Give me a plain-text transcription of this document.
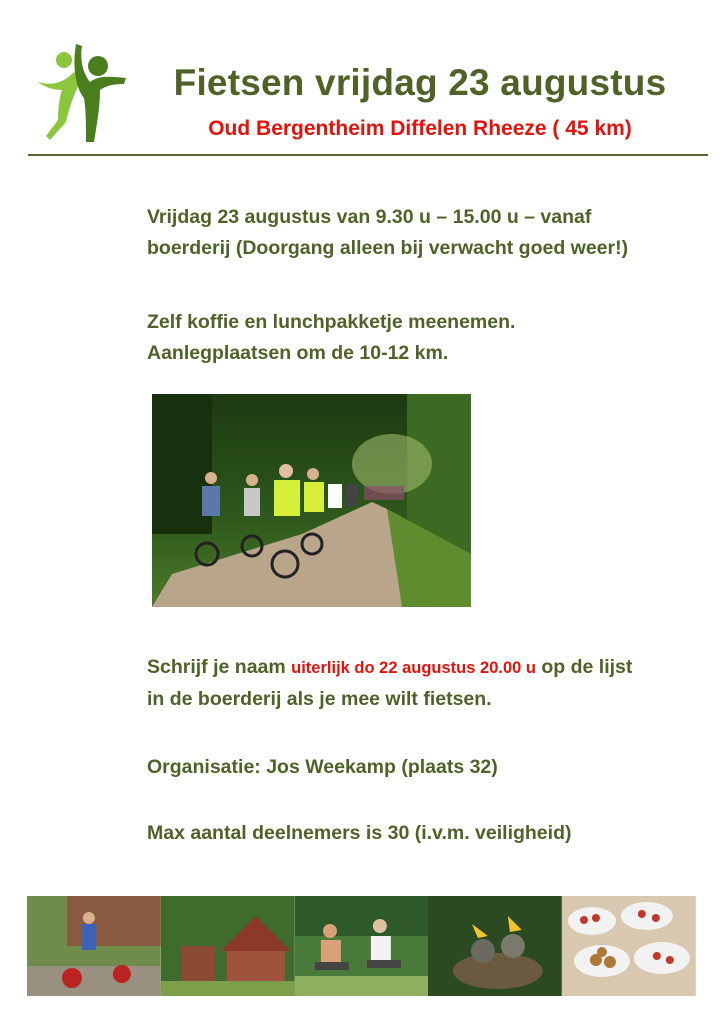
Fietsen vrijdag 23 augustus
Oud Bergentheim Diffelen Rheeze ( 45 km)
Vrijdag 23 augustus van 9.30 u – 15.00 u – vanaf
boerderij (Doorgang alleen bij verwacht goed weer!)
Zelf koffie en lunchpakketje meenemen.
Aanlegplaatsen om de 10-12 km.
Schrijf je naam uiterlijk do 22 augustus 20.00 u op de lijst
in de boerderij als je mee wilt fietsen.
Organisatie: Jos Weekamp (plaats 32)
Max aantal deelnemers is 30 (i.v.m. veiligheid)
